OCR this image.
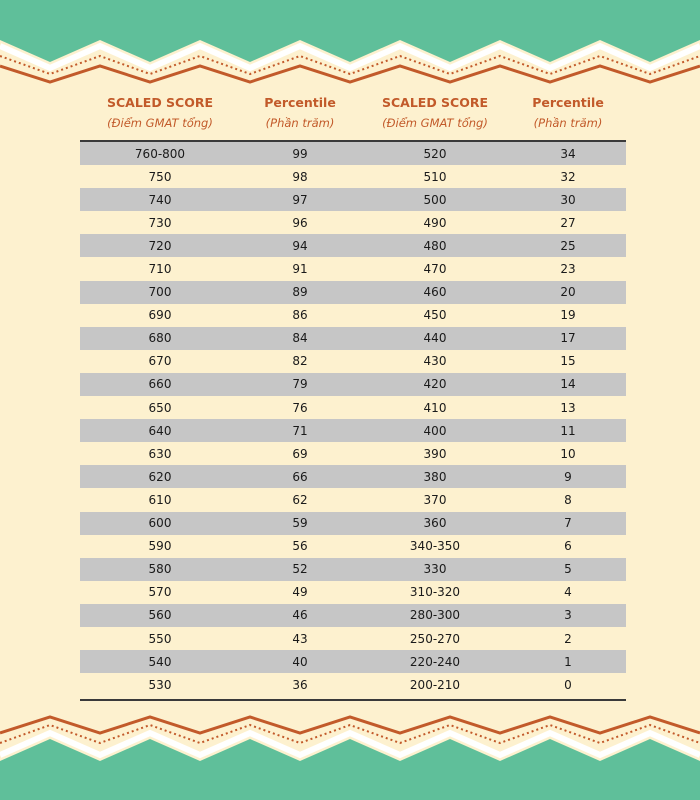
SCALED SCORE
(Điểm GMAT tổng)
Percentile
(Phần trăm)
SCALED SCORE
(Điểm GMAT tổng)
Percentile
(Phần trăm)
760-800	99	520	34
750	98	510	32
740	97	500	30
730	96	490	27
720	94	480	25
710	91	470	23
700	89	460	20
690	86	450	19
680	84	440	17
670	82	430	15
660	79	420	14
650	76	410	13
640	71	400	11
630	69	390	10
620	66	380	9
610	62	370	8
600	59	360	7
590	56	340-350	6
580	52	330	5
570	49	310-320	4
560	46	280-300	3
550	43	250-270	2
540	40	220-240	1
530	36	200-210	0
